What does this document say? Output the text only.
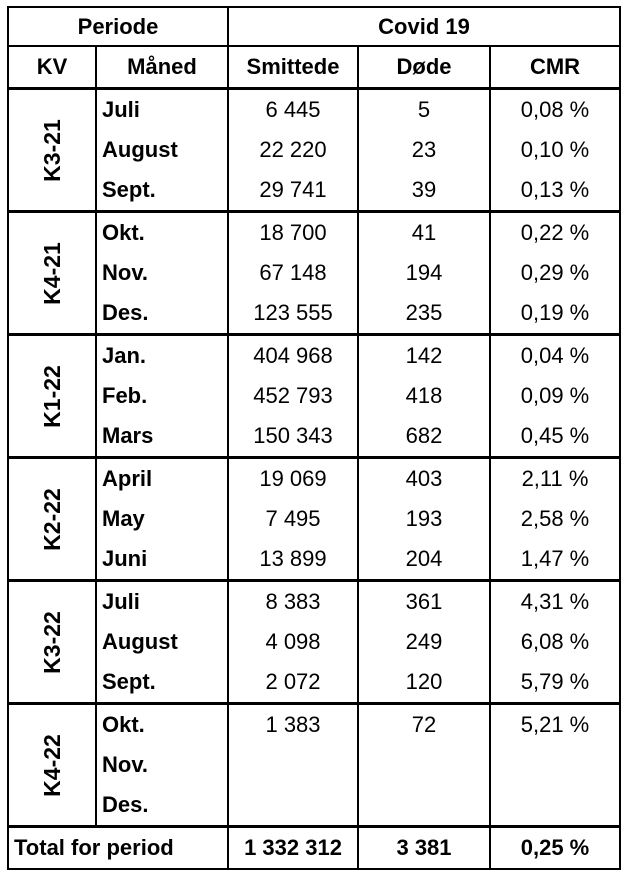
Periode		Covid 19		
KV	Måned	Smittede	Døde	CMR
K3-21	Juli	6 445	5	0,08 %
	August	22 220	23	0,10 %
	Sept.	29 741	39	0,13 %
K4-21	Okt.	18 700	41	0,22 %
	Nov.	67 148	194	0,29 %
	Des.	123 555	235	0,19 %
K1-22	Jan.	404 968	142	0,04 %
	Feb.	452 793	418	0,09 %
	Mars	150 343	682	0,45 %
K2-22	April	19 069	403	2,11 %
	May	7 495	193	2,58 %
	Juni	13 899	204	1,47 %
K3-22	Juli	8 383	361	4,31 %
	August	4 098	249	6,08 %
	Sept.	2 072	120	5,79 %
K4-22	Okt.	1 383	72	5,21 %
	Nov.			
	Des.			
Total for period		1 332 312	3 381	0,25 %
